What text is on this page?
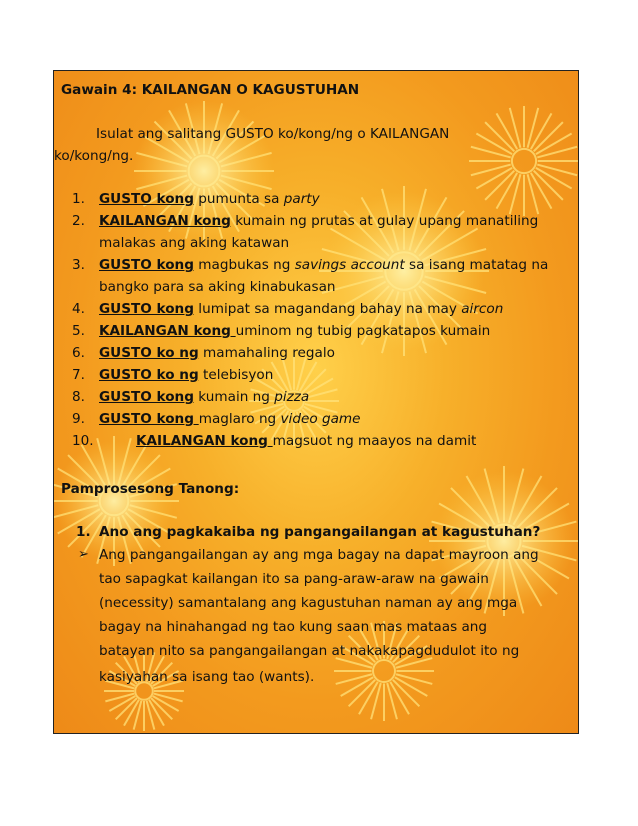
Gawain 4: KAILANGAN O KAGUSTUHAN
Isulat ang salitang GUSTO ko/kong/ng o KAILANGAN
ko/kong/ng.
1. GUSTO kong pumunta sa party
2. KAILANGAN kong kumain ng prutas at gulay upang manatiling
malakas ang aking katawan
3. GUSTO kong magbukas ng savings account sa isang matatag na
bangko para sa aking kinabukasan
4. GUSTO kong lumipat sa magandang bahay na may aircon
5. KAILANGAN kong uminom ng tubig pagkatapos kumain
6. GUSTO ko ng mamahaling regalo
7. GUSTO ko ng telebisyon
8. GUSTO kong kumain ng pizza
9. GUSTO kong maglaro ng video game
10.	KAILANGAN kong magsuot ng maayos na damit
Pamprosesong Tanong:
1. Ano ang pagkakaiba ng pangangailangan at kagustuhan?
➢ Ang pangangailangan ay ang mga bagay na dapat mayroon ang
tao sapagkat kailangan ito sa pang-araw-araw na gawain
(necessity) samantalang ang kagustuhan naman ay ang mga
bagay na hinahangad ng tao kung saan mas mataas ang
batayan nito sa pangangailangan at nakakapagdudulot ito ng
kasiyahan sa isang tao (wants).
